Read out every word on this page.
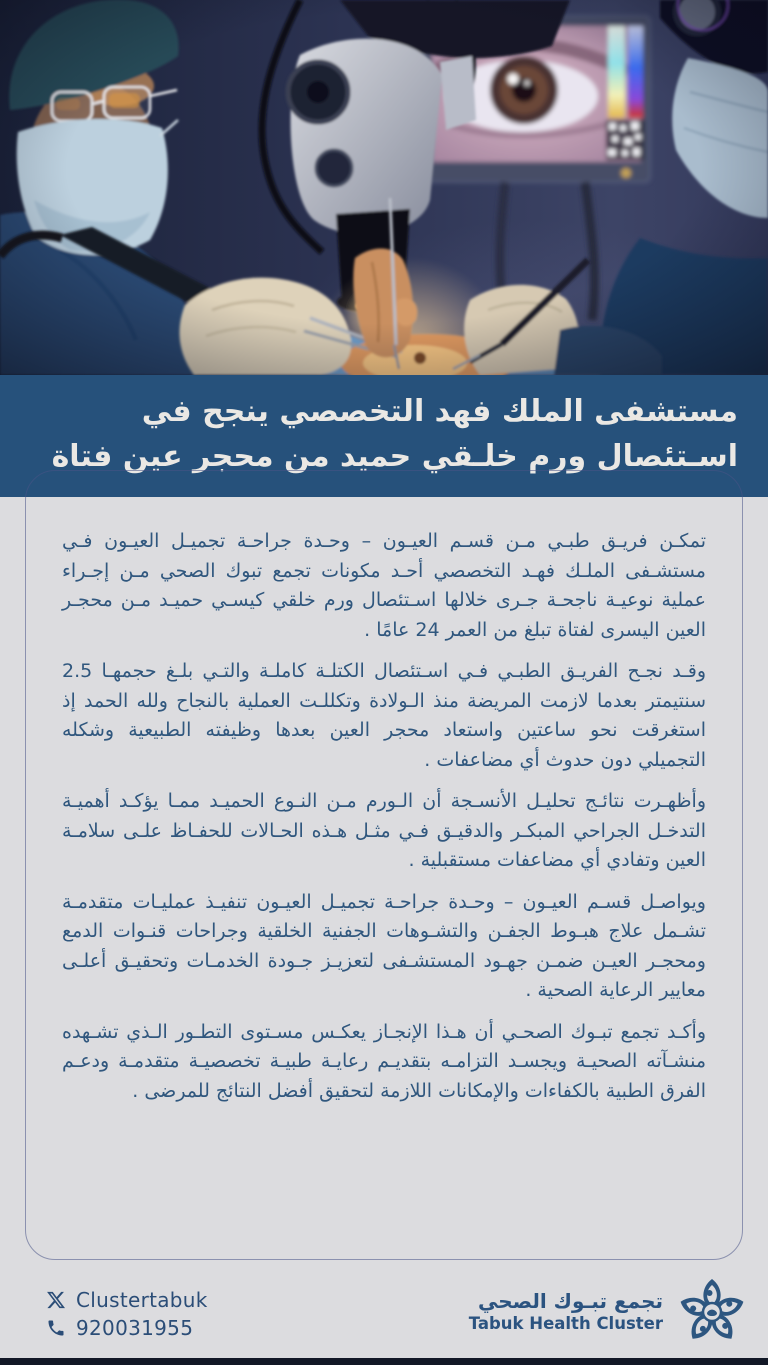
مستشفى الملك فهد التخصصي ينجح في
اسـتئصال ورم خلـقي حميد من محجر عين فتاة

تمكـن فريـق طبـي مـن قسـم العيـون – وحـدة جراحـة تجميـل العيـون فـي مستشـفى الملـك فهـد التخصصي أحـد مكونات تجمع تبوك الصحي مـن إجـراء عملية نوعيـة ناجحـة جـرى خلالها اسـتئصال ورم خلقي كيسـي حميـد مـن محجـر العين اليسرى لفتاة تبلغ من العمر 24 عامًا .

وقـد نجـح الفريـق الطبـي فـي اسـتئصال الكتلـة كاملـة والتـي بلـغ حجمهـا 2.5 سنتيمتر بعدما لازمت المريضة منذ الـولادة وتكللـت العملية بالنجاح ولله الحمد إذ استغرقت نحو ساعتين واستعاد محجر العين بعدها وظيفته الطبيعية وشكله التجميلي دون حدوث أي مضاعفات .

وأظهـرت نتائـج تحليـل الأنسـجة أن الـورم مـن النـوع الحميـد ممـا يؤكـد أهميـة التدخـل الجراحي المبكـر والدقيـق فـي مثـل هـذه الحـالات للحفـاظ علـى سلامـة العين وتفادي أي مضاعفات مستقبلية .

ويواصـل قسـم العيـون – وحـدة جراحـة تجميـل العيـون تنفيـذ عمليـات متقدمـة تشـمل علاج هبـوط الجفـن والتشـوهات الجفنية الخلقية وجراحات قنـوات الدمع ومحجـر العيـن ضمـن جهـود المستشـفى لتعزيـز جـودة الخدمـات وتحقيـق أعلـى معايير الرعاية الصحية .

وأكـد تجمع تبـوك الصحـي أن هـذا الإنجـاز يعكـس مسـتوى التطـور الـذي تشـهده منشـآته الصحيـة ويجسـد التزامـه بتقديـم رعايـة طبيـة تخصصيـة متقدمـة ودعـم الفرق الطبية بالكفاءات والإمكانات اللازمة لتحقيق أفضل النتائج للمرضى .

Clustertabuk
920031955
تجمع تبـوك الصحي
Tabuk Health Cluster
